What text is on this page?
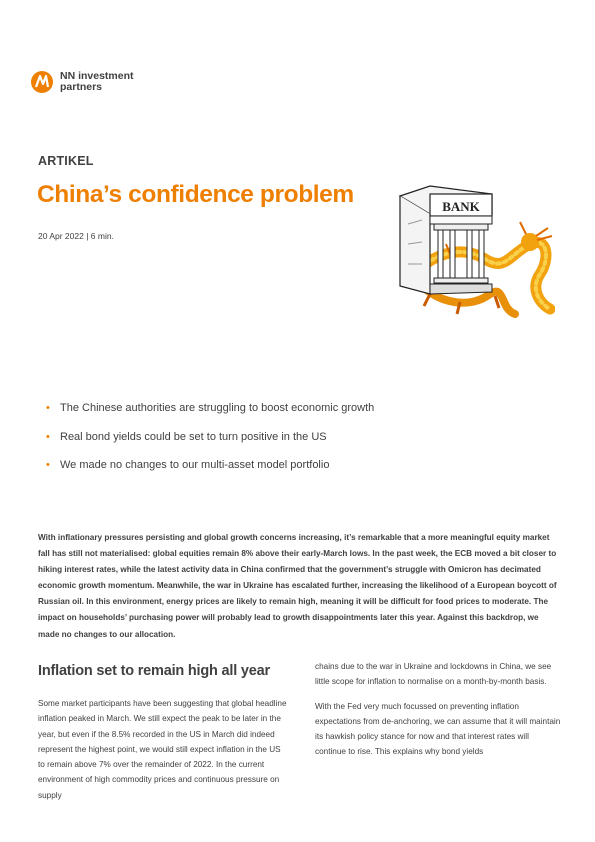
NN investment
partners
ARTIKEL
China’s confidence problem
20 Apr 2022 | 6 min.
BANK
• The Chinese authorities are struggling to boost economic growth
• Real bond yields could be set to turn positive in the US
• We made no changes to our multi-asset model portfolio
With inflationary pressures persisting and global growth concerns increasing, it’s remarkable that a more meaningful equity market fall has still not materialised: global equities remain 8% above their early-March lows. In the past week, the ECB moved a bit closer to hiking interest rates, while the latest activity data in China confirmed that the government’s struggle with Omicron has decimated economic growth momentum. Meanwhile, the war in Ukraine has escalated further, increasing the likelihood of a European boycott of Russian oil. In this environment, energy prices are likely to remain high, meaning it will be difficult for food prices to moderate. The impact on households’ purchasing power will probably lead to growth disappointments later this year. Against this backdrop, we made no changes to our allocation.
Inflation set to remain high all year

Some market participants have been suggesting that global headline inflation peaked in March. We still expect the peak to be later in the year, but even if the 8.5% recorded in the US in March did indeed represent the highest point, we would still expect inflation in the US to remain above 7% over the remainder of 2022. In the current environment of high commodity prices and continuous pressure on supply

chains due to the war in Ukraine and lockdowns in China, we see little scope for inflation to normalise on a month-by-month basis.

With the Fed very much focussed on preventing inflation expectations from de-anchoring, we can assume that it will maintain its hawkish policy stance for now and that interest rates will continue to rise. This explains why bond yields
